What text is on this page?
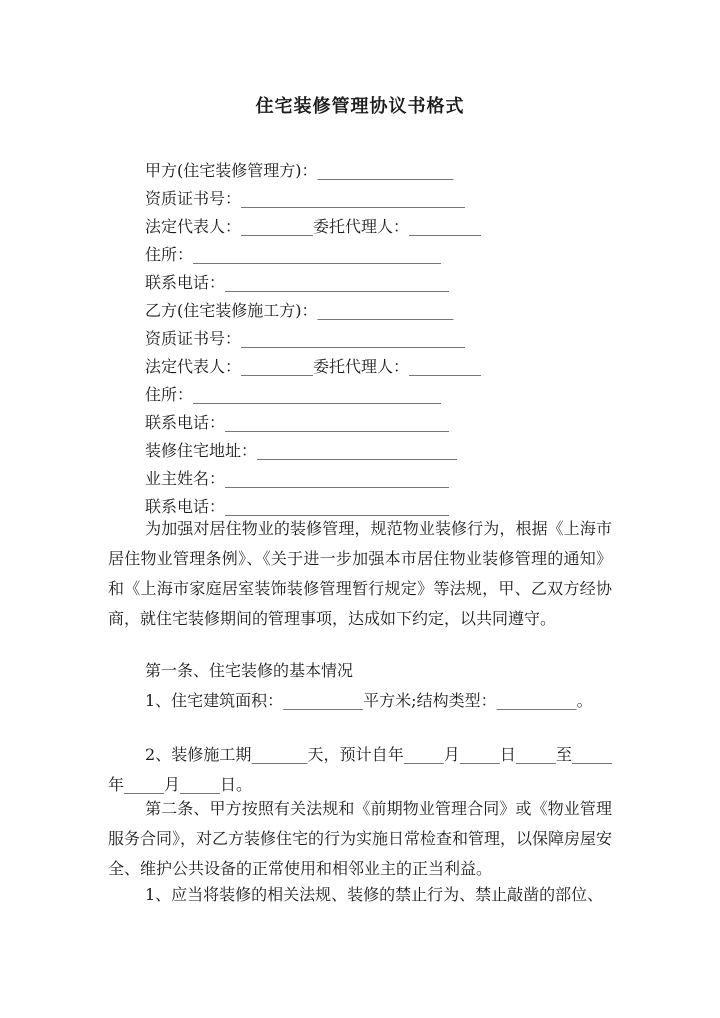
住宅装修管理协议书格式
甲方(住宅装修管理方)：_________________
资质证书号：____________________________
法定代表人：_________委托代理人：_________
住所：_______________________________
联系电话：____________________________
乙方(住宅装修施工方)：_________________
资质证书号：____________________________
法定代表人：_________委托代理人：_________
住所：_______________________________
联系电话：____________________________
装修住宅地址：_________________________
业主姓名：____________________________
联系电话：____________________________
为加强对居住物业的装修管理，规范物业装修行为，根据《上海市居住物业管理条例》、《关于进一步加强本市居住物业装修管理的通知》和《上海市家庭居室装饰装修管理暂行规定》等法规，甲、乙双方经协商，就住宅装修期间的管理事项，达成如下约定，以共同遵守。
第一条、住宅装修的基本情况
1、住宅建筑面积：__________平方米;结构类型：__________。
2、装修施工期_______天，预计自年_____月_____日_____至_____年_____月_____日。
第二条、甲方按照有关法规和《前期物业管理合同》或《物业管理服务合同》，对乙方装修住宅的行为实施日常检查和管理，以保障房屋安全、维护公共设备的正常使用和相邻业主的正当利益。
1、应当将装修的相关法规、装修的禁止行为、禁止敲凿的部位、
